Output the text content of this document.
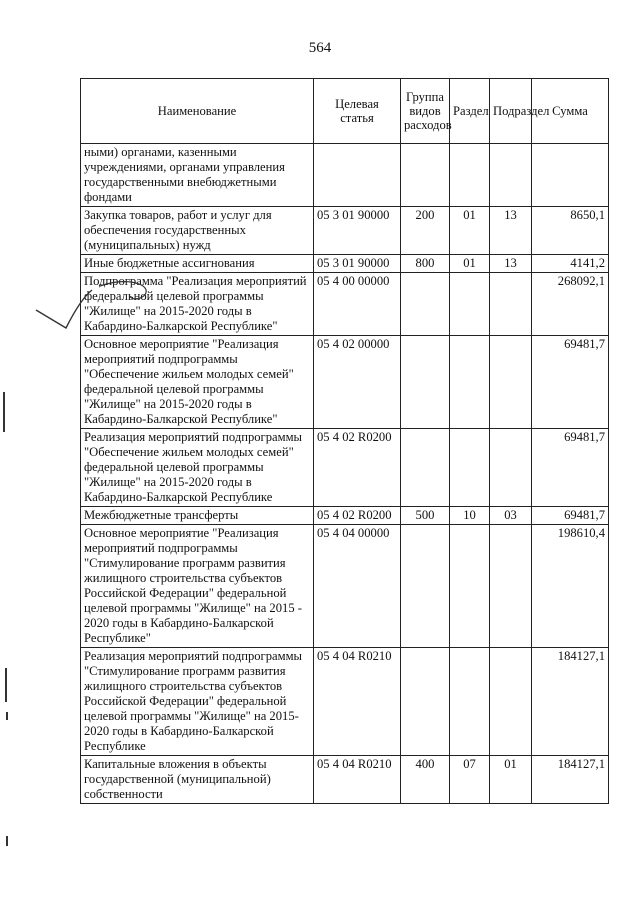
564
Наименование	Целевая статья	Группа видов расходов	Раздел	Подраздел	Сумма
ными) органами, казенными учреждениями, органами управления государственными внебюджетными фондами					
Закупка товаров, работ и услуг для обеспечения государственных (муниципальных) нужд	05 3 01 90000	200	01	13	8650,1
Иные бюджетные ассигнования	05 3 01 90000	800	01	13	4141,2
Подпрограмма "Реализация мероприятий федеральной целевой программы "Жилище" на 2015-2020 годы в Кабардино-Балкарской Республике"	05 4 00 00000				268092,1
Основное мероприятие "Реализация мероприятий подпрограммы "Обеспечение жильем молодых семей" федеральной целевой программы "Жилище" на 2015-2020 годы в Кабардино-Балкарской Республике"	05 4 02 00000				69481,7
Реализация мероприятий подпрограммы "Обеспечение жильем молодых семей" федеральной целевой программы "Жилище" на 2015-2020 годы в Кабардино-Балкарской Республике	05 4 02 R0200				69481,7
Межбюджетные трансферты	05 4 02 R0200	500	10	03	69481,7
Основное мероприятие "Реализация мероприятий подпрограммы "Стимулирование программ развития жилищного строительства субъектов Российской Федерации" федеральной целевой программы "Жилище" на 2015 - 2020 годы в Кабардино-Балкарской Республике"	05 4 04 00000				198610,4
Реализация мероприятий подпрограммы "Стимулирование программ развития жилищного строительства субъектов Российской Федерации" федеральной целевой программы "Жилище" на 2015-2020 годы в Кабардино-Балкарской Республике	05 4 04 R0210				184127,1
Капитальные вложения в объекты государственной (муниципальной) собственности	05 4 04 R0210	400	07	01	184127,1
